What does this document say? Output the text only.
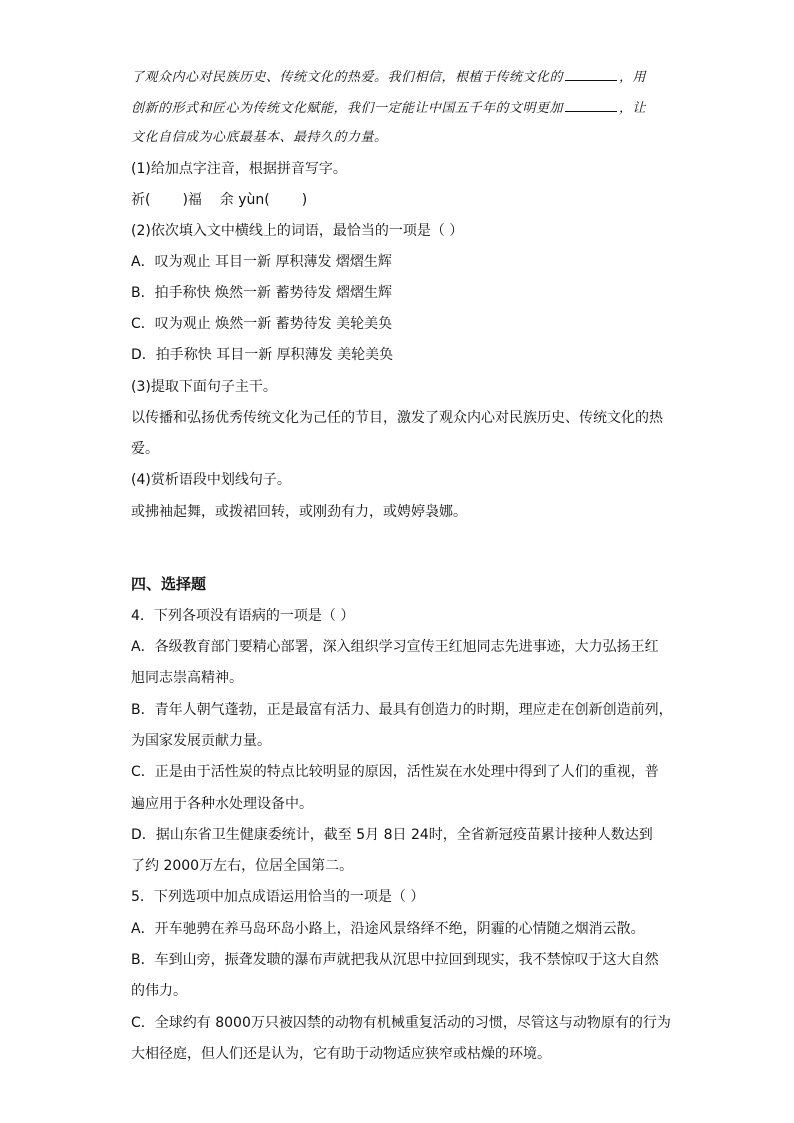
了观众内心对民族历史、传统文化的热爱。我们相信，根植于传统文化的	，用
创新的形式和匠心为传统文化赋能，我们一定能让中国五千年的文明更加	，让
文化自信成为心底最基本、最持久的力量。
(1)给加点字注音，根据拼音写字。
祈( )福 余 yùn( )
(2)依次填入文中横线上的词语，最恰当的一项是（ ）
A．叹为观止 耳目一新 厚积薄发 熠熠生辉
B．拍手称快 焕然一新 蓄势待发 熠熠生辉
C．叹为观止 焕然一新 蓄势待发 美轮美奂
D．拍手称快 耳目一新 厚积薄发 美轮美奂
(3)提取下面句子主干。
以传播和弘扬优秀传统文化为己任的节目，激发了观众内心对民族历史、传统文化的热
爱。
(4)赏析语段中划线句子。
或拂袖起舞，或拨裙回转，或刚劲有力，或娉婷袅娜。
四、选择题
4．下列各项没有语病的一项是（ ）
A．各级教育部门要精心部署，深入组织学习宣传王红旭同志先进事迹，大力弘扬王红
旭同志崇高精神。
B．青年人朝气蓬勃，正是最富有活力、最具有创造力的时期，理应走在创新创造前列，
为国家发展贡献力量。
C．正是由于活性炭的特点比较明显的原因，活性炭在水处理中得到了人们的重视，普
遍应用于各种水处理设备中。
D．据山东省卫生健康委统计，截至 5月 8日 24时，全省新冠疫苗累计接种人数达到
了约 2000万左右，位居全国第二。
5．下列选项中加点成语运用恰当的一项是（ ）
A．开车驰骋在养马岛环岛小路上，沿途风景络绎不绝，阴霾的心情随之烟消云散。
B．车到山旁，振聋发聩的瀑布声就把我从沉思中拉回到现实，我不禁惊叹于这大自然
的伟力。
C．全球约有 8000万只被囚禁的动物有机械重复活动的习惯，尽管这与动物原有的行为
大相径庭，但人们还是认为，它有助于动物适应狭窄或枯燥的环境。
